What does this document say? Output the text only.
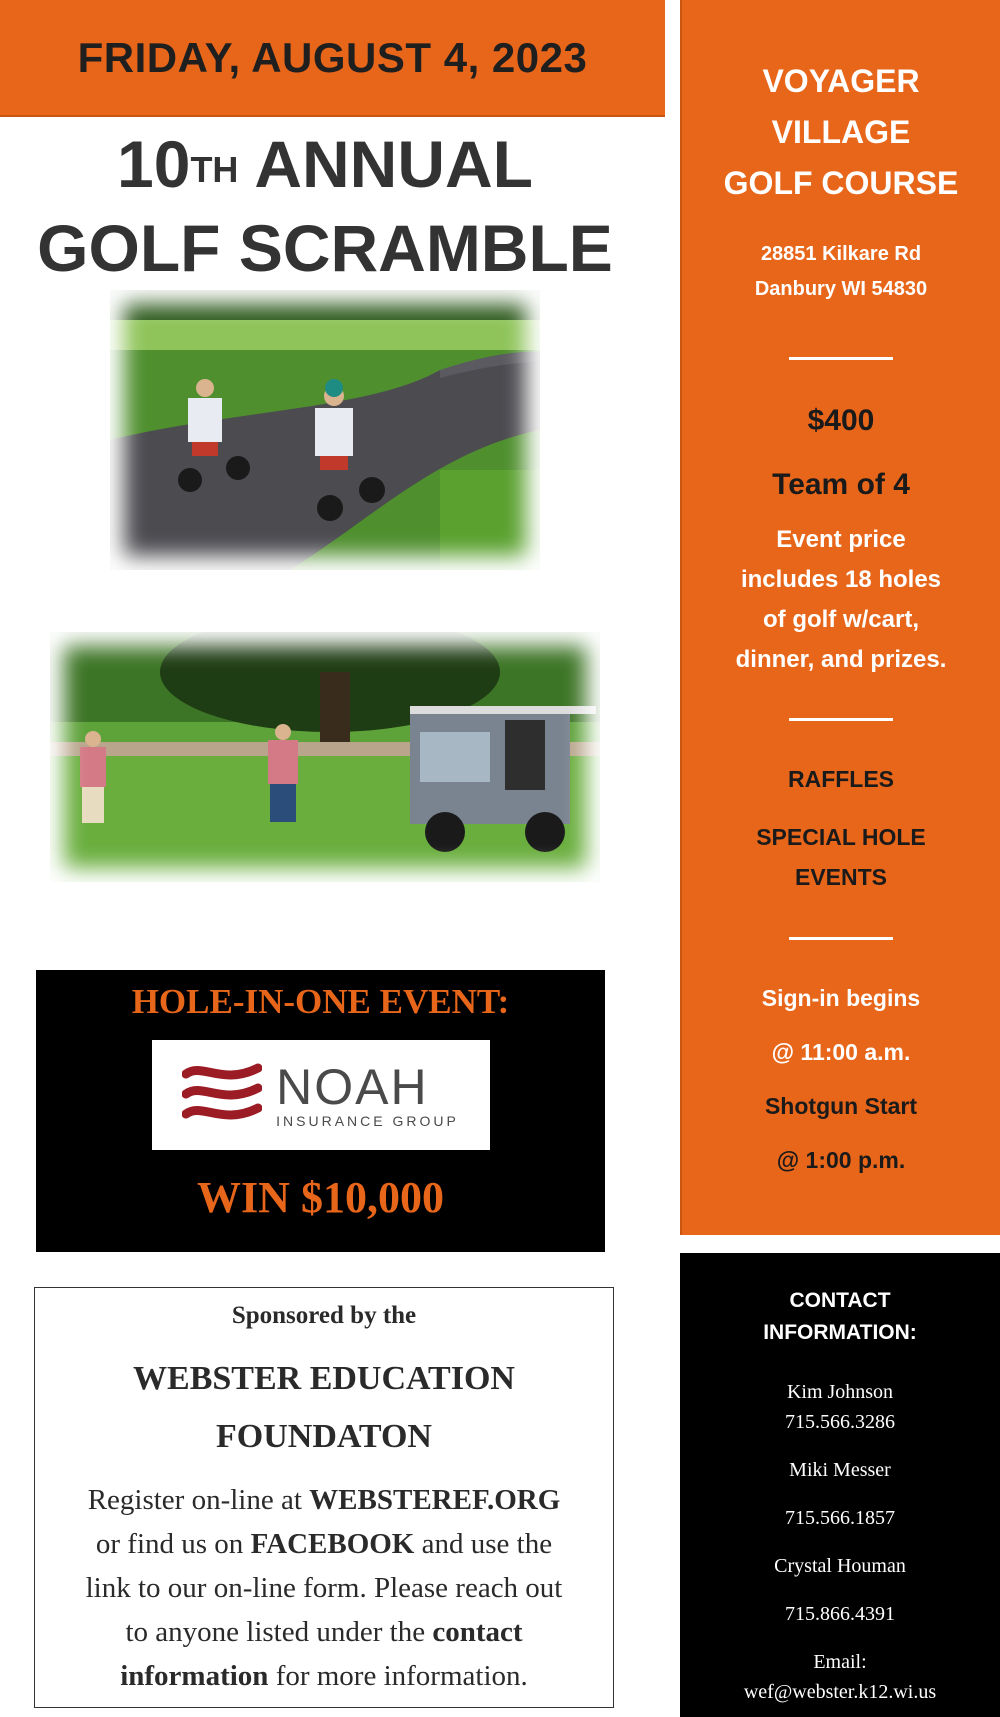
FRIDAY, AUGUST 4, 2023
10TH ANNUAL
GOLF SCRAMBLE
HOLE-IN-ONE EVENT:
NOAH
INSURANCE GROUP
WIN $10,000
Sponsored by the
WEBSTER EDUCATION
FOUNDATON
Register on-line at WEBSTEREF.ORG
or find us on FACEBOOK and use the
link to our on-line form. Please reach out
to anyone listed under the contact
information for more information.
VOYAGER
VILLAGE
GOLF COURSE
28851 Kilkare Rd
Danbury WI 54830
$400
Team of 4
Event price
includes 18 holes
of golf w/cart,
dinner, and prizes.
RAFFLES
SPECIAL HOLE
EVENTS
Sign-in begins
@ 11:00 a.m.
Shotgun Start
@ 1:00 p.m.
CONTACT
INFORMATION:
Kim Johnson
715.566.3286
Miki Messer
715.566.1857
Crystal Houman
715.866.4391
Email:
wef@webster.k12.wi.us
